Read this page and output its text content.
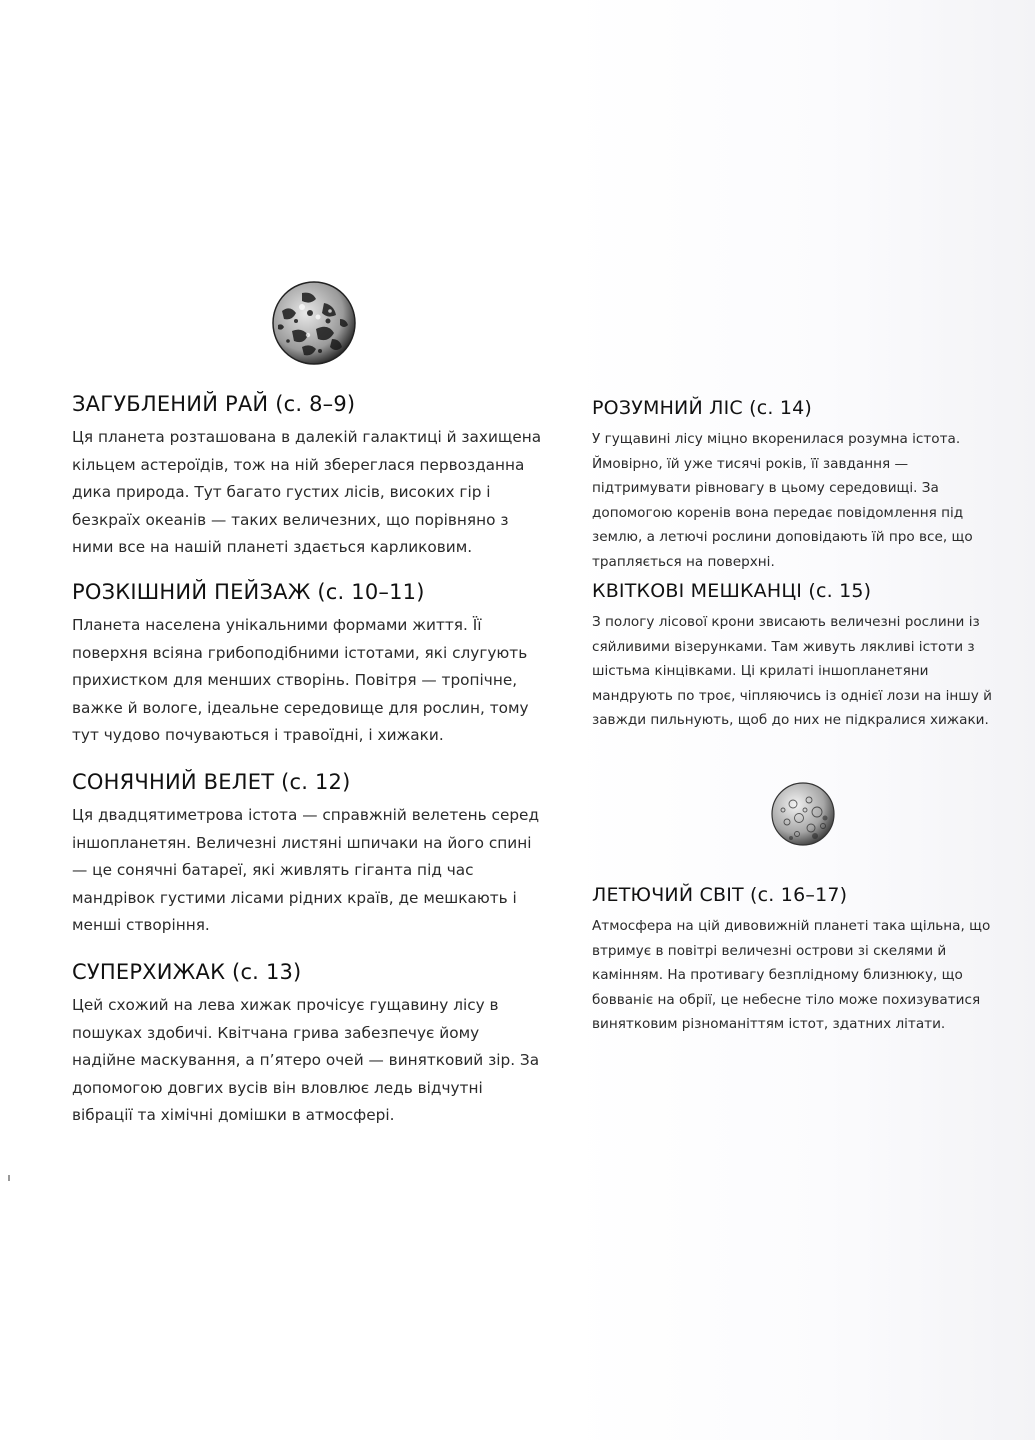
ЗАГУБЛЕНИЙ РАЙ (с. 8–9)

Ця планета розташована в далекій галактиці й захищена кільцем астероїдів, тож на ній збереглася первозданна дика природа. Тут багато густих лісів, високих гір і безкраїх океанів — таких величезних, що порівняно з ними все на нашій планеті здається карликовим.

РОЗКІШНИЙ ПЕЙЗАЖ (с. 10–11)

Планета населена унікальними формами життя. Її поверхня всіяна грибоподібними істотами, які слугують прихистком для менших створінь. Повітря — тропічне, важке й вологе, ідеальне середовище для рослин, тому тут чудово почуваються і травоїдні, і хижаки.

СОНЯЧНИЙ ВЕЛЕТ (с. 12)

Ця двадцятиметрова істота — справжній велетень серед іншопланетян. Величезні листяні шпичаки на його спині — це сонячні батареї, які живлять гіганта під час мандрівок густими лісами рідних країв, де мешкають і менші створіння.

СУПЕРХИЖАК (с. 13)

Цей схожий на лева хижак прочісує гущавину лісу в пошуках здобичі. Квітчана грива забезпечує йому надійне маскування, а п’ятеро очей — винятковий зір. За допомогою довгих вусів він вловлює ледь відчутні вібрації та хімічні домішки в атмосфері.

РОЗУМНИЙ ЛІС (с. 14)

У гущавині лісу міцно вкоренилася розумна істота. Ймовірно, їй уже тисячі років, її завдання — підтримувати рівновагу в цьому середовищі. За допомогою коренів вона передає повідомлення під землю, а летючі рослини доповідають їй про все, що трапляється на поверхні.

КВІТКОВІ МЕШКАНЦІ (с. 15)

З пологу лісової крони звисають величезні рослини із сяйливими візерунками. Там живуть лякливі істоти з шістьма кінцівками. Ці крилаті іншопланетяни мандрують по троє, чіпляючись із однієї лози на іншу й завжди пильнують, щоб до них не підкралися хижаки.

ЛЕТЮЧИЙ СВІТ (с. 16–17)

Атмосфера на цій дивовижній планеті така щільна, що втримує в повітрі величезні острови зі скелями й камінням. На противагу безплідному близнюку, що бовваніє на обрії, це небесне тіло може похизуватися винятковим різноманіттям істот, здатних літати.
